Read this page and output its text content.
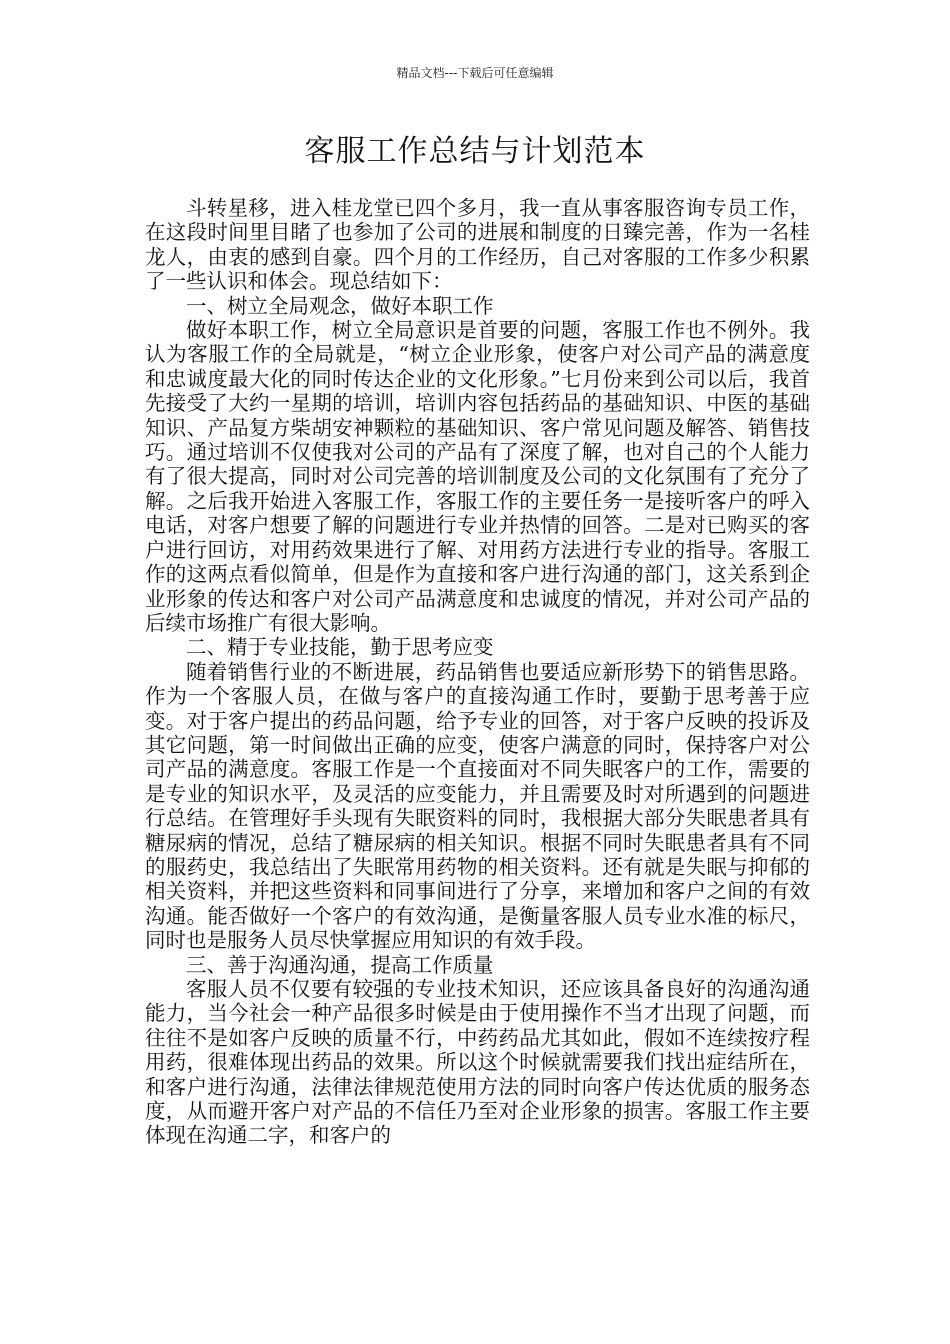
精品文档---下载后可任意编辑
客服工作总结与计划范本

斗转星移，进入桂龙堂已四个多月，我一直从事客服咨询专员工作，在这段时间里目睹了也参加了公司的进展和制度的日臻完善，作为一名桂龙人，由衷的感到自豪。四个月的工作经历，自己对客服的工作多少积累了一些认识和体会。现总结如下：

一、树立全局观念，做好本职工作

做好本职工作，树立全局意识是首要的问题，客服工作也不例外。我认为客服工作的全局就是，“树立企业形象，使客户对公司产品的满意度和忠诚度最大化的同时传达企业的文化形象。”七月份来到公司以后，我首先接受了大约一星期的培训，培训内容包括药品的基础知识、中医的基础知识、产品复方柴胡安神颗粒的基础知识、客户常见问题及解答、销售技巧。通过培训不仅使我对公司的产品有了深度了解，也对自己的个人能力有了很大提高，同时对公司完善的培训制度及公司的文化氛围有了充分了解。之后我开始进入客服工作，客服工作的主要任务一是接听客户的呼入电话，对客户想要了解的问题进行专业并热情的回答。二是对已购买的客户进行回访，对用药效果进行了解、对用药方法进行专业的指导。客服工作的这两点看似简单，但是作为直接和客户进行沟通的部门，这关系到企业形象的传达和客户对公司产品满意度和忠诚度的情况，并对公司产品的后续市场推广有很大影响。

二、精于专业技能，勤于思考应变

随着销售行业的不断进展，药品销售也要适应新形势下的销售思路。作为一个客服人员，在做与客户的直接沟通工作时，要勤于思考善于应变。对于客户提出的药品问题，给予专业的回答，对于客户反映的投诉及其它问题，第一时间做出正确的应变，使客户满意的同时，保持客户对公司产品的满意度。客服工作是一个直接面对不同失眠客户的工作，需要的是专业的知识水平，及灵活的应变能力，并且需要及时对所遇到的问题进行总结。在管理好手头现有失眠资料的同时，我根据大部分失眠患者具有糖尿病的情况，总结了糖尿病的相关知识。根据不同时失眠患者具有不同的服药史，我总结出了失眠常用药物的相关资料。还有就是失眠与抑郁的相关资料，并把这些资料和同事间进行了分享，来增加和客户之间的有效沟通。能否做好一个客户的有效沟通，是衡量客服人员专业水准的标尺，同时也是服务人员尽快掌握应用知识的有效手段。

三、善于沟通沟通，提高工作质量

客服人员不仅要有较强的专业技术知识，还应该具备良好的沟通沟通能力，当今社会一种产品很多时候是由于使用操作不当才出现了问题，而往往不是如客户反映的质量不行，中药药品尤其如此，假如不连续按疗程用药，很难体现出药品的效果。所以这个时候就需要我们找出症结所在，和客户进行沟通，法律法律规范使用方法的同时向客户传达优质的服务态度，从而避开客户对产品的不信任乃至对企业形象的损害。客服工作主要体现在沟通二字，和客户的
